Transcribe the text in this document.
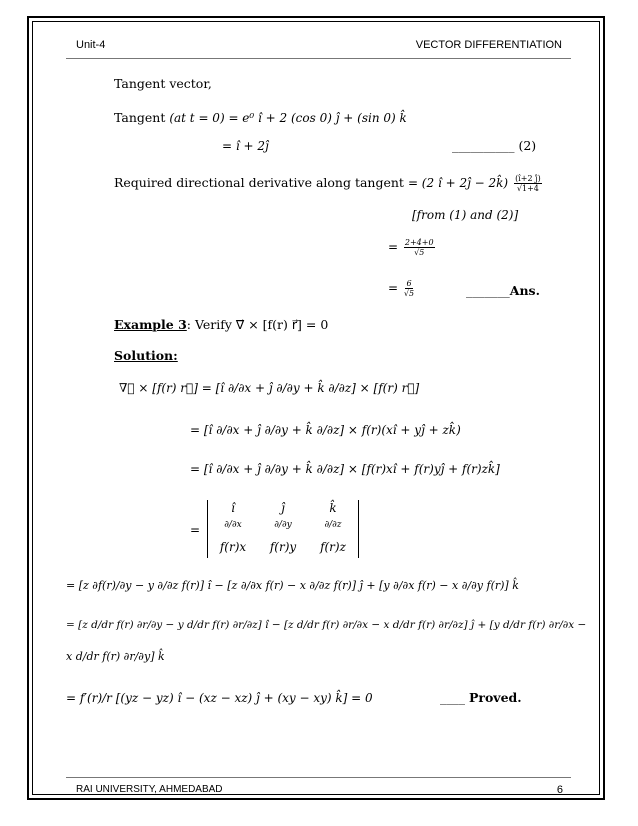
Unit-4	VECTOR DIFFERENTIATION
Tangent vector,
Tangent (at t = 0) = e⁰ î + 2 (cos 0) ĵ + (sin 0) k̂
= î + 2ĵ	__________ (2)
Required directional derivative along tangent = (2 î + 2ĵ − 2k̂) $\frac{(î+2 ĵ)}{√1+4}$
[from (1) and (2)]
= $\frac{2+4+0}{√5}$
= $\frac{6}{√5}$	_______Ans.
Example 3: Verify ∇⃗ × [f(r) r⃗] = 0
Solution:
∇⃗ × [f(r) r⃗] = [î ∂/∂x + ĵ ∂/∂y + k̂ ∂/∂z] × [f(r) r⃗]
= [î ∂/∂x + ĵ ∂/∂y + k̂ ∂/∂z] × f(r)(xî + yĵ + zk̂)
= [î ∂/∂x + ĵ ∂/∂y + k̂ ∂/∂z] × [f(r)xî + f(r)yĵ + f(r)zk̂]
=
î	ĵ	k̂
∂/∂x	∂/∂y	∂/∂z
f(r)x	f(r)y	f(r)z
= [z ∂f(r)/∂y − y ∂/∂z f(r)] î − [z ∂/∂x f(r) − x ∂/∂z f(r)] ĵ + [y ∂/∂x f(r) − x ∂/∂y f(r)] k̂
= [z d/dr f(r) ∂r/∂y − y d/dr f(r) ∂r/∂z] î − [z d/dr f(r) ∂r/∂x − x d/dr f(r) ∂r/∂z] ĵ + [y d/dr f(r) ∂r/∂x −
x d/dr f(r) ∂r/∂y] k̂
= f′(r)/r [(yz − yz) î − (xz − xz) ĵ + (xy − xy) k̂] = 0	____ Proved.
RAI UNIVERSITY, AHMEDABAD	6
